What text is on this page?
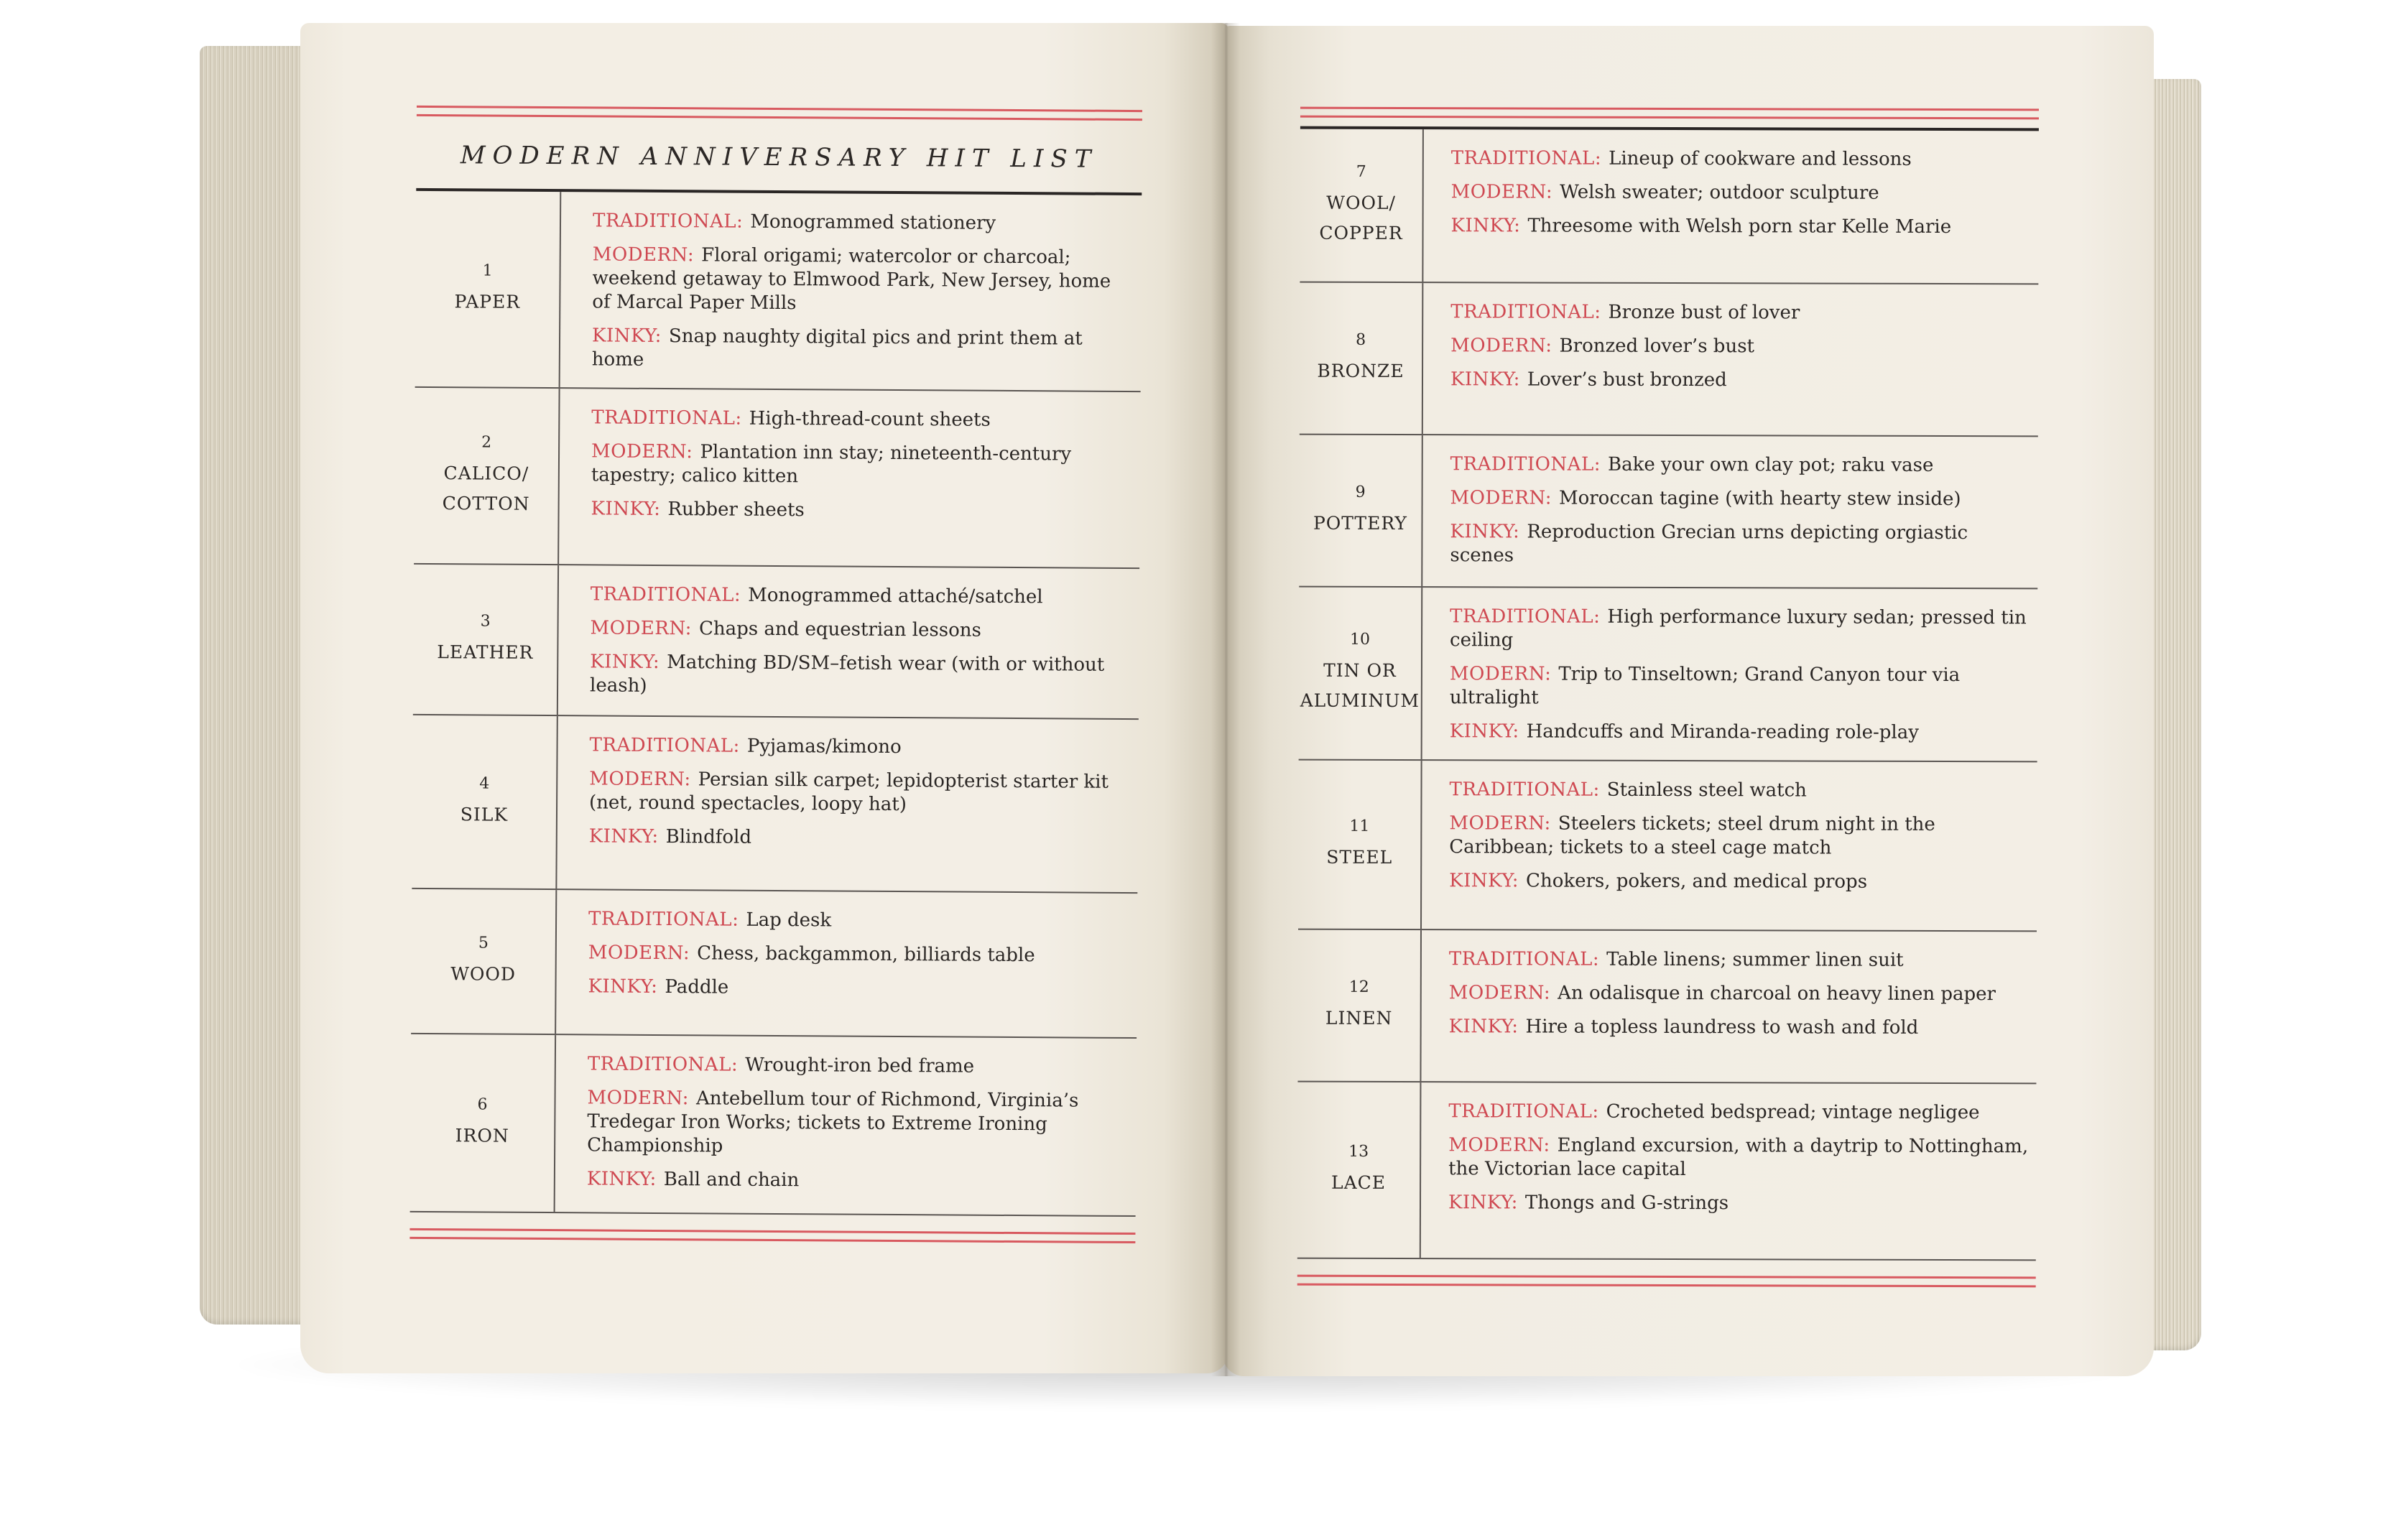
MODERN ANNIVERSARY HIT LIST
1
PAPER
TRADITIONAL: Monogrammed stationery
MODERN: Floral origami; watercolor or charcoal; weekend getaway to Elmwood Park, New Jersey, home of Marcal Paper Mills
KINKY: Snap naughty digital pics and print them at home
2
CALICO/ COTTON
TRADITIONAL: High-thread-count sheets
MODERN: Plantation inn stay; nineteenth-century tapestry; calico kitten
KINKY: Rubber sheets
3
LEATHER
TRADITIONAL: Monogrammed attaché/satchel
MODERN: Chaps and equestrian lessons
KINKY: Matching BD/SM–fetish wear (with or without leash)
4
SILK
TRADITIONAL: Pyjamas/kimono
MODERN: Persian silk carpet; lepidopterist starter kit (net, round spectacles, loopy hat)
KINKY: Blindfold
5
WOOD
TRADITIONAL: Lap desk
MODERN: Chess, backgammon, billiards table
KINKY: Paddle
6
IRON
TRADITIONAL: Wrought-iron bed frame
MODERN: Antebellum tour of Richmond, Virginia’s Tredegar Iron Works; tickets to Extreme Ironing Championship
KINKY: Ball and chain
7
WOOL/ COPPER
TRADITIONAL: Lineup of cookware and lessons
MODERN: Welsh sweater; outdoor sculpture
KINKY: Threesome with Welsh porn star Kelle Marie
8
BRONZE
TRADITIONAL: Bronze bust of lover
MODERN: Bronzed lover’s bust
KINKY: Lover’s bust bronzed
9
POTTERY
TRADITIONAL: Bake your own clay pot; raku vase
MODERN: Moroccan tagine (with hearty stew inside)
KINKY: Reproduction Grecian urns depicting orgiastic scenes
10
TIN OR ALUMINUM
TRADITIONAL: High performance luxury sedan; pressed tin ceiling
MODERN: Trip to Tinseltown; Grand Canyon tour via ultralight
KINKY: Handcuffs and Miranda-reading role-play
11
STEEL
TRADITIONAL: Stainless steel watch
MODERN: Steelers tickets; steel drum night in the Caribbean; tickets to a steel cage match
KINKY: Chokers, pokers, and medical props
12
LINEN
TRADITIONAL: Table linens; summer linen suit
MODERN: An odalisque in charcoal on heavy linen paper
KINKY: Hire a topless laundress to wash and fold
13
LACE
TRADITIONAL: Crocheted bedspread; vintage negligee
MODERN: England excursion, with a daytrip to Nottingham, the Victorian lace capital
KINKY: Thongs and G-strings
